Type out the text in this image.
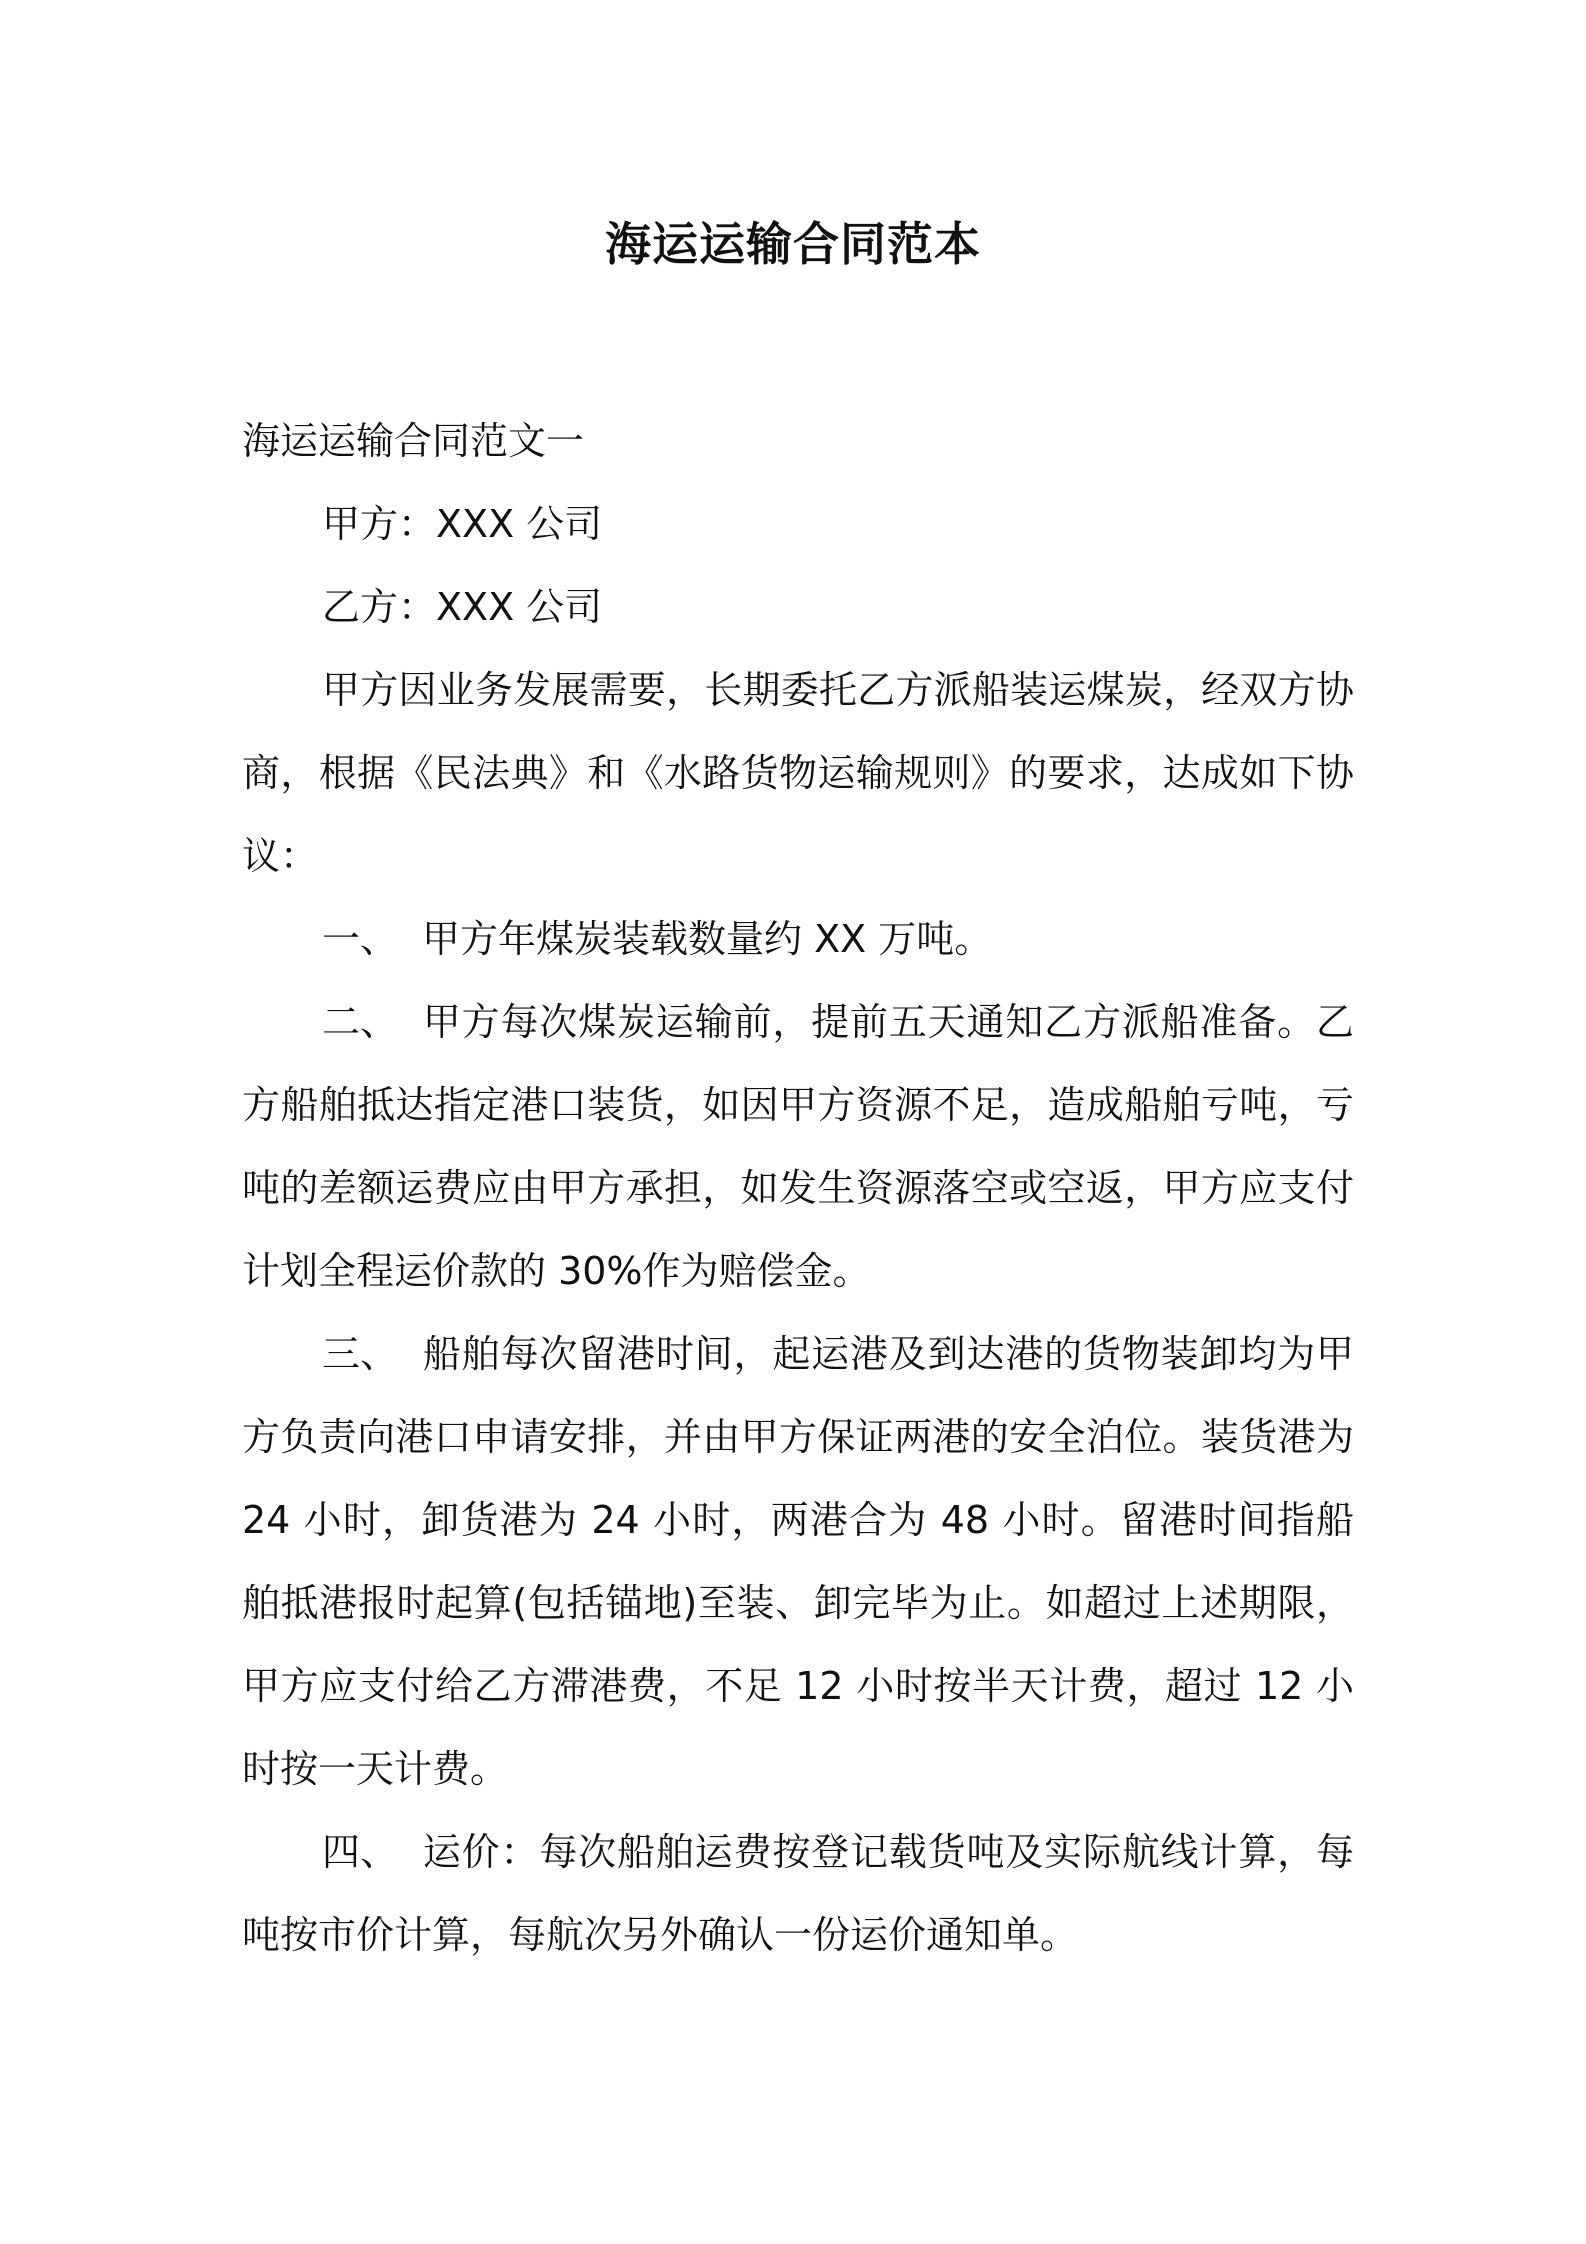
海运运输合同范本

海运运输合同范文一

甲方：XXX 公司

乙方：XXX 公司

甲方因业务发展需要，长期委托乙方派船装运煤炭，经双方协商，根据《民法典》和《水路货物运输规则》的要求，达成如下协议：

一、 甲方年煤炭装载数量约 XX 万吨。

二、 甲方每次煤炭运输前，提前五天通知乙方派船准备。乙方船舶抵达指定港口装货，如因甲方资源不足，造成船舶亏吨，亏吨的差额运费应由甲方承担，如发生资源落空或空返，甲方应支付计划全程运价款的 30%作为赔偿金。

三、 船舶每次留港时间，起运港及到达港的货物装卸均为甲方负责向港口申请安排，并由甲方保证两港的安全泊位。装货港为 24 小时，卸货港为 24 小时，两港合为 48 小时。留港时间指船舶抵港报时起算(包括锚地)至装、卸完毕为止。如超过上述期限，甲方应支付给乙方滞港费，不足 12 小时按半天计费，超过 12 小时按一天计费。

四、 运价：每次船舶运费按登记载货吨及实际航线计算，每吨按市价计算，每航次另外确认一份运价通知单。
